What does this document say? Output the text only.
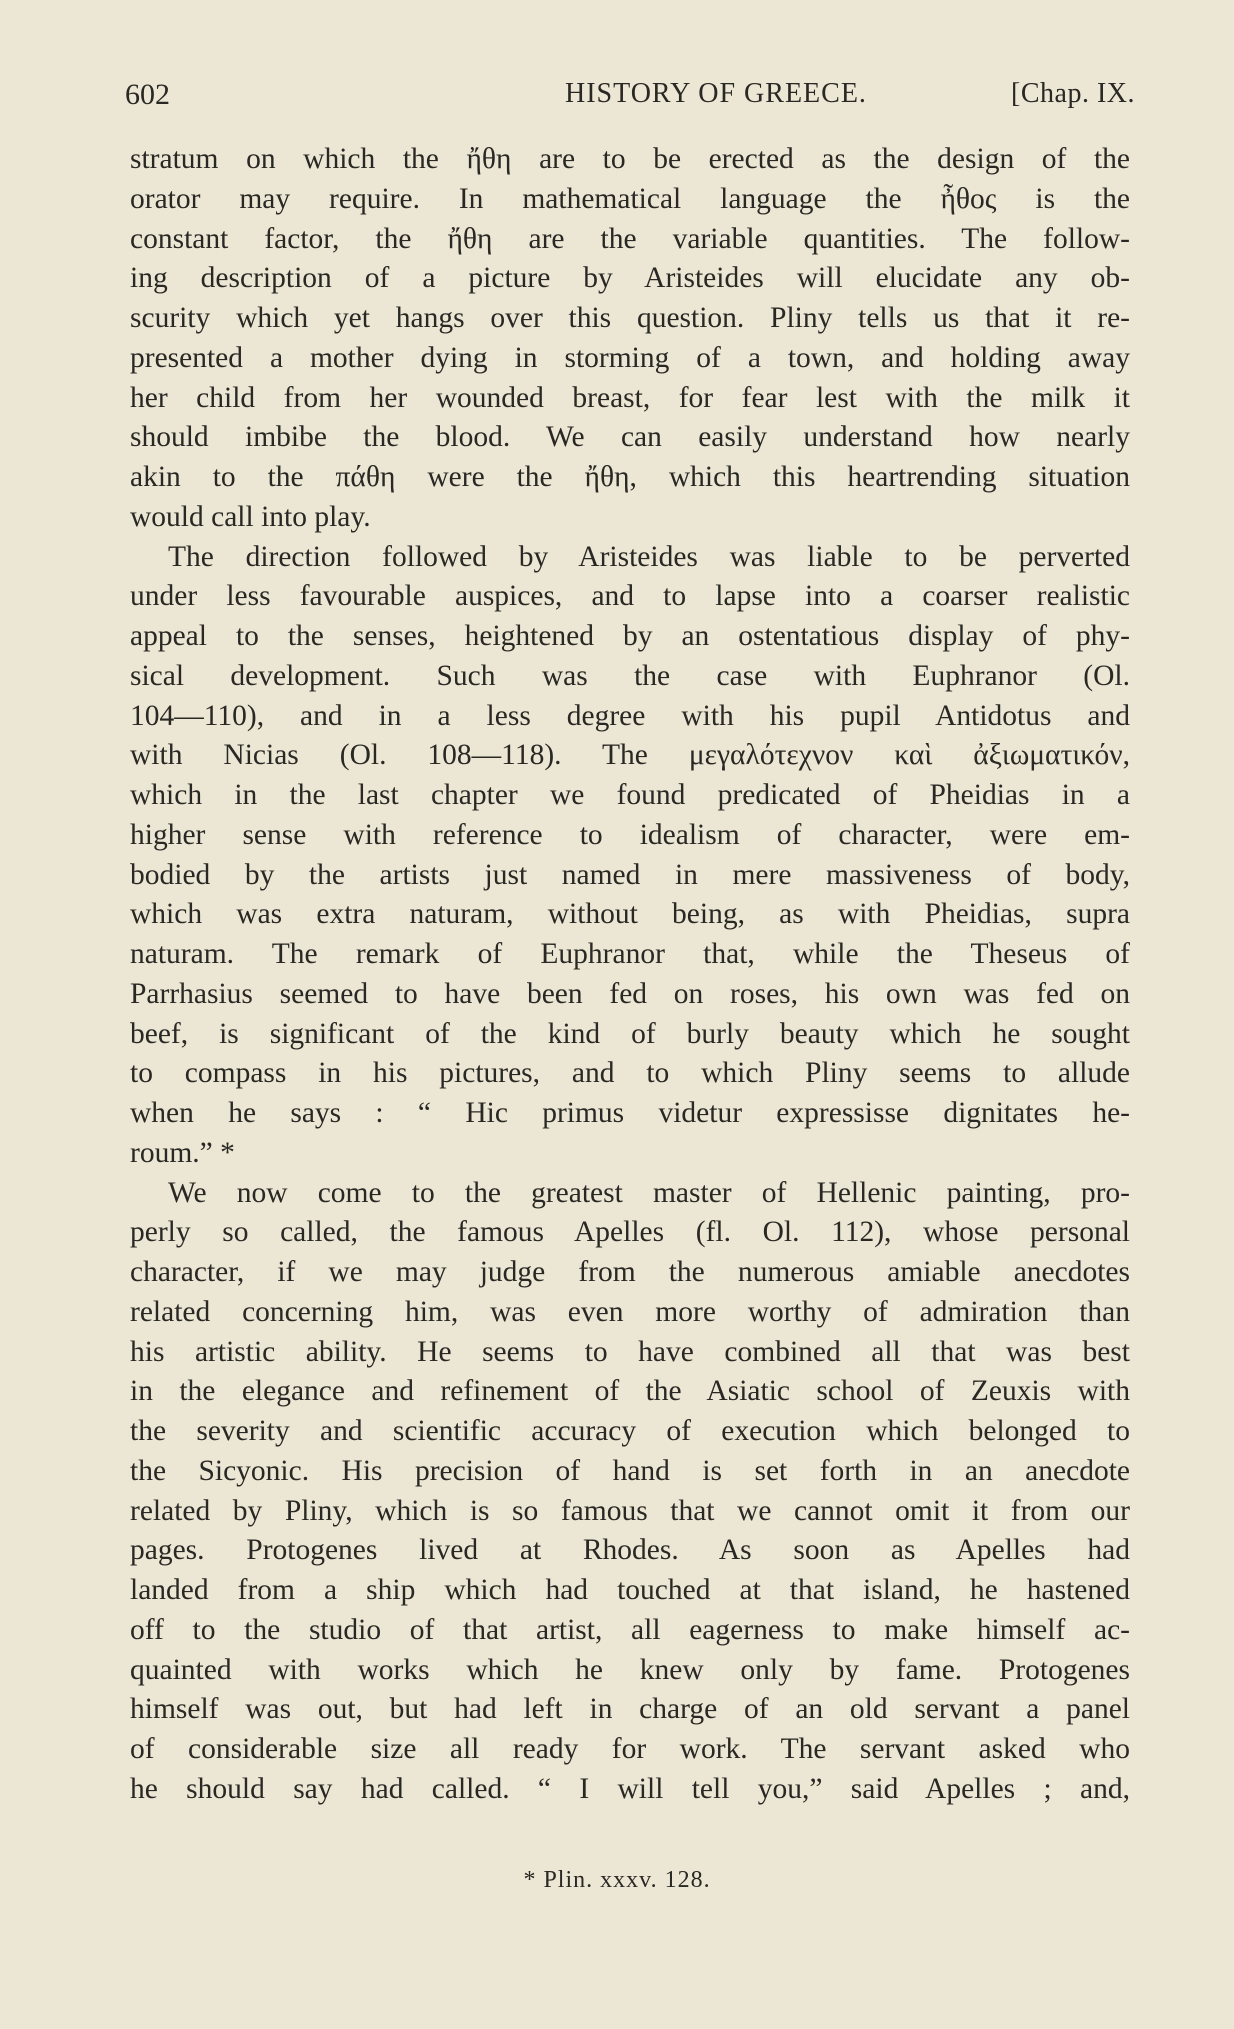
602	HISTORY OF GREECE.	[Chap. IX.
stratum on which the ἤθη are to be erected as the design of the
orator may require. In mathematical language the ἦθος is the
constant factor, the ἤθη are the variable quantities. The follow-
ing description of a picture by Aristeides will elucidate any ob-
scurity which yet hangs over this question. Pliny tells us that it re-
presented a mother dying in storming of a town, and holding away
her child from her wounded breast, for fear lest with the milk it
should imbibe the blood. We can easily understand how nearly
akin to the πάθη were the ἤθη, which this heartrending situation
would call into play.
The direction followed by Aristeides was liable to be perverted
under less favourable auspices, and to lapse into a coarser realistic
appeal to the senses, heightened by an ostentatious display of phy-
sical development. Such was the case with Euphranor (Ol.
104—110), and in a less degree with his pupil Antidotus and
with Nicias (Ol. 108—118). The μεγαλότεχνον καὶ ἀξιωματικόν,
which in the last chapter we found predicated of Pheidias in a
higher sense with reference to idealism of character, were em-
bodied by the artists just named in mere massiveness of body,
which was extra naturam, without being, as with Pheidias, supra
naturam. The remark of Euphranor that, while the Theseus of
Parrhasius seemed to have been fed on roses, his own was fed on
beef, is significant of the kind of burly beauty which he sought
to compass in his pictures, and to which Pliny seems to allude
when he says : “ Hic primus videtur expressisse dignitates he-
roum.” *
We now come to the greatest master of Hellenic painting, pro-
perly so called, the famous Apelles (fl. Ol. 112), whose personal
character, if we may judge from the numerous amiable anecdotes
related concerning him, was even more worthy of admiration than
his artistic ability. He seems to have combined all that was best
in the elegance and refinement of the Asiatic school of Zeuxis with
the severity and scientific accuracy of execution which belonged to
the Sicyonic. His precision of hand is set forth in an anecdote
related by Pliny, which is so famous that we cannot omit it from our
pages. Protogenes lived at Rhodes. As soon as Apelles had
landed from a ship which had touched at that island, he hastened
off to the studio of that artist, all eagerness to make himself ac-
quainted with works which he knew only by fame. Protogenes
himself was out, but had left in charge of an old servant a panel
of considerable size all ready for work. The servant asked who
he should say had called. “ I will tell you,” said Apelles ; and,
* Plin. xxxv. 128.
